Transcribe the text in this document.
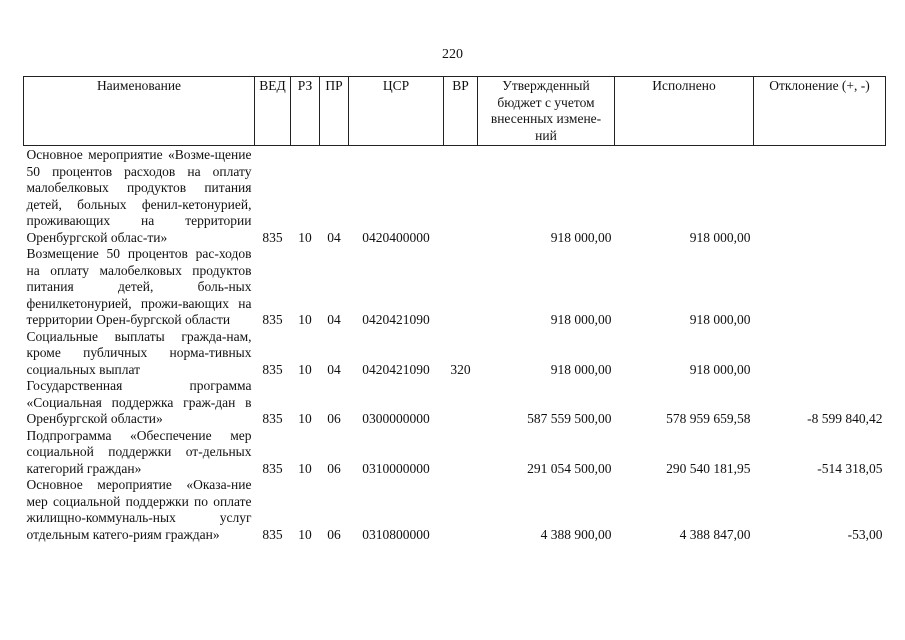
220
Наименование	ВЕД	РЗ	ПР	ЦСР	ВР	Утвержденный бюджет с учетом внесенных измене-ний	Исполнено	Отклонение (+, -)

Основное мероприятие «Возме-щение 50 процентов расходов на оплату малобелковых продуктов питания детей, больных фенил-кетонурией, проживающих на территории Оренбургской облас-ти»	835	10	04	0420400000		918 000,00	918 000,00	
Возмещение 50 процентов рас-ходов на оплату малобелковых продуктов питания детей, боль-ных фенилкетонурией, прожи-вающих на территории Орен-бургской области	835	10	04	0420421090		918 000,00	918 000,00	
Социальные выплаты гражда-нам, кроме публичных норма-тивных социальных выплат	835	10	04	0420421090	320	918 000,00	918 000,00	
Государственная программа «Социальная поддержка граж-дан в Оренбургской области»	835	10	06	0300000000		587 559 500,00	578 959 659,58	-8 599 840,42
Подпрограмма «Обеспечение мер социальной поддержки от-дельных категорий граждан»	835	10	06	0310000000		291 054 500,00	290 540 181,95	-514 318,05
Основное мероприятие «Оказа-ние мер социальной поддержки по оплате жилищно-коммуналь-ных услуг отдельным катего-риям граждан»	835	10	06	0310800000		4 388 900,00	4 388 847,00	-53,00
